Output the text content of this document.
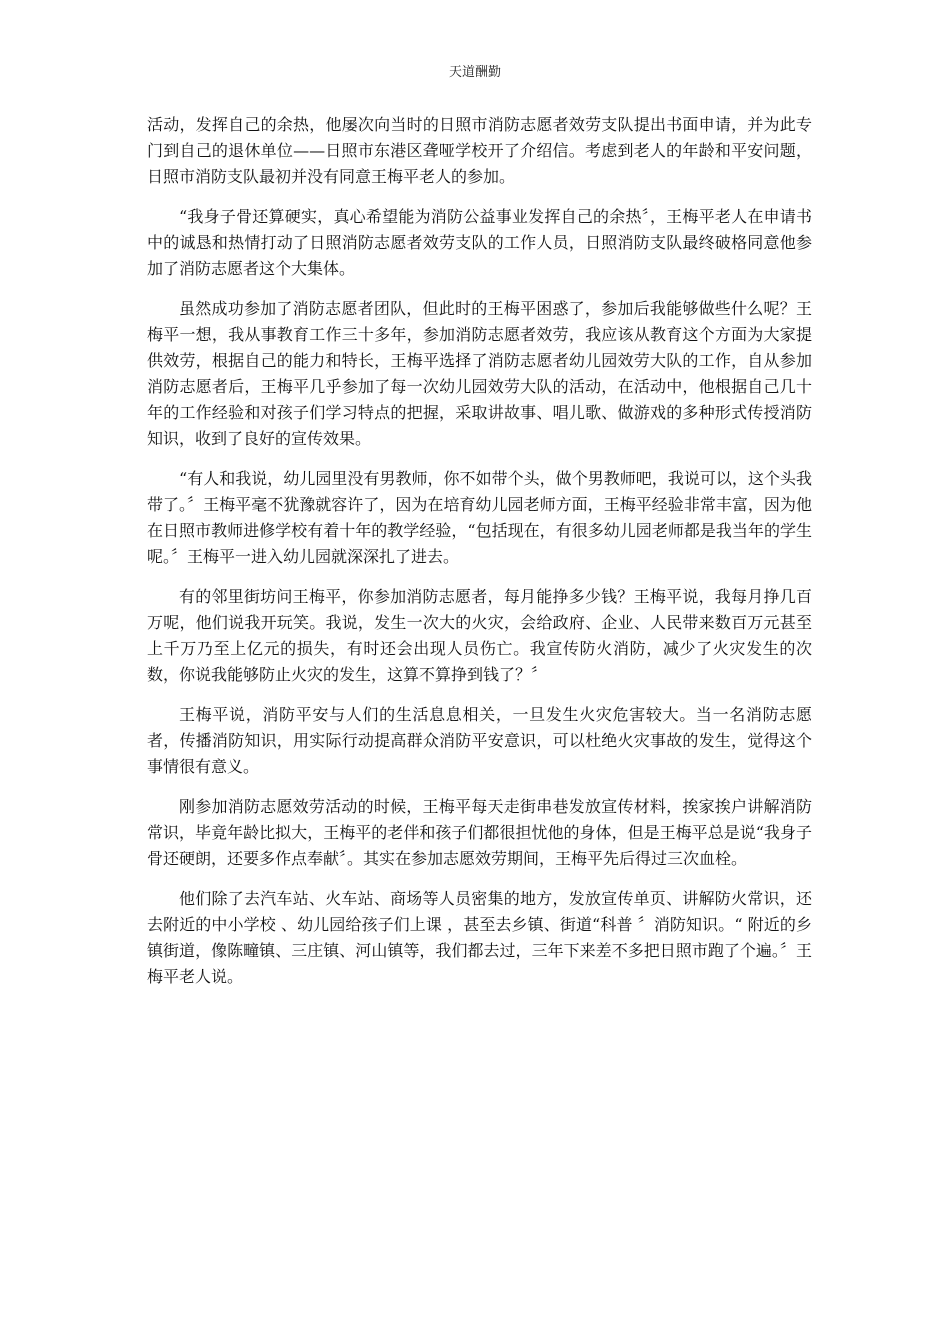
天道酬勤

活动，发挥自己的余热，他屡次向当时的日照市消防志愿者效劳支队提出书面申请，并为此专门到自己的退休单位——日照市东港区聋哑学校开了介绍信。考虑到老人的年龄和平安问题，日照市消防支队最初并没有同意王梅平老人的参加。

“我身子骨还算硬实，真心希望能为消防公益事业发挥自己的余热〞，王梅平老人在申请书中的诚恳和热情打动了日照消防志愿者效劳支队的工作人员，日照消防支队最终破格同意他参加了消防志愿者这个大集体。

虽然成功参加了消防志愿者团队，但此时的王梅平困惑了，参加后我能够做些什么呢？王梅平一想，我从事教育工作三十多年，参加消防志愿者效劳，我应该从教育这个方面为大家提供效劳，根据自己的能力和特长，王梅平选择了消防志愿者幼儿园效劳大队的工作，自从参加消防志愿者后，王梅平几乎参加了每一次幼儿园效劳大队的活动，在活动中，他根据自己几十年的工作经验和对孩子们学习特点的把握，采取讲故事、唱儿歌、做游戏的多种形式传授消防知识，收到了良好的宣传效果。

“有人和我说，幼儿园里没有男教师，你不如带个头，做个男教师吧，我说可以，这个头我带了。〞王梅平毫不犹豫就容许了，因为在培育幼儿园老师方面，王梅平经验非常丰富，因为他在日照市教师进修学校有着十年的教学经验，“包括现在，有很多幼儿园老师都是我当年的学生呢。〞王梅平一进入幼儿园就深深扎了进去。

有的邻里街坊问王梅平，你参加消防志愿者，每月能挣多少钱？王梅平说，我每月挣几百万呢，他们说我开玩笑。我说，发生一次大的火灾，会给政府、企业、人民带来数百万元甚至上千万乃至上亿元的损失，有时还会出现人员伤亡。我宣传防火消防，减少了火灾发生的次数，你说我能够防止火灾的发生，这算不算挣到钱了？〞

王梅平说，消防平安与人们的生活息息相关，一旦发生火灾危害较大。当一名消防志愿者，传播消防知识，用实际行动提高群众消防平安意识，可以杜绝火灾事故的发生，觉得这个事情很有意义。

刚参加消防志愿效劳活动的时候，王梅平每天走街串巷发放宣传材料，挨家挨户讲解消防常识，毕竟年龄比拟大，王梅平的老伴和孩子们都很担忧他的身体，但是王梅平总是说“我身子骨还硬朗，还要多作点奉献〞。其实在参加志愿效劳期间，王梅平先后得过三次血栓。

他们除了去汽车站、火车站、商场等人员密集的地方，发放宣传单页、讲解防火常识，还去附近的中小学校 、幼儿园给孩子们上课 ，甚至去乡镇、街道“科普 〞消防知识。“ 附近的乡镇街道，像陈疃镇、三庄镇、河山镇等，我们都去过，三年下来差不多把日照市跑了个遍。〞王梅平老人说。
